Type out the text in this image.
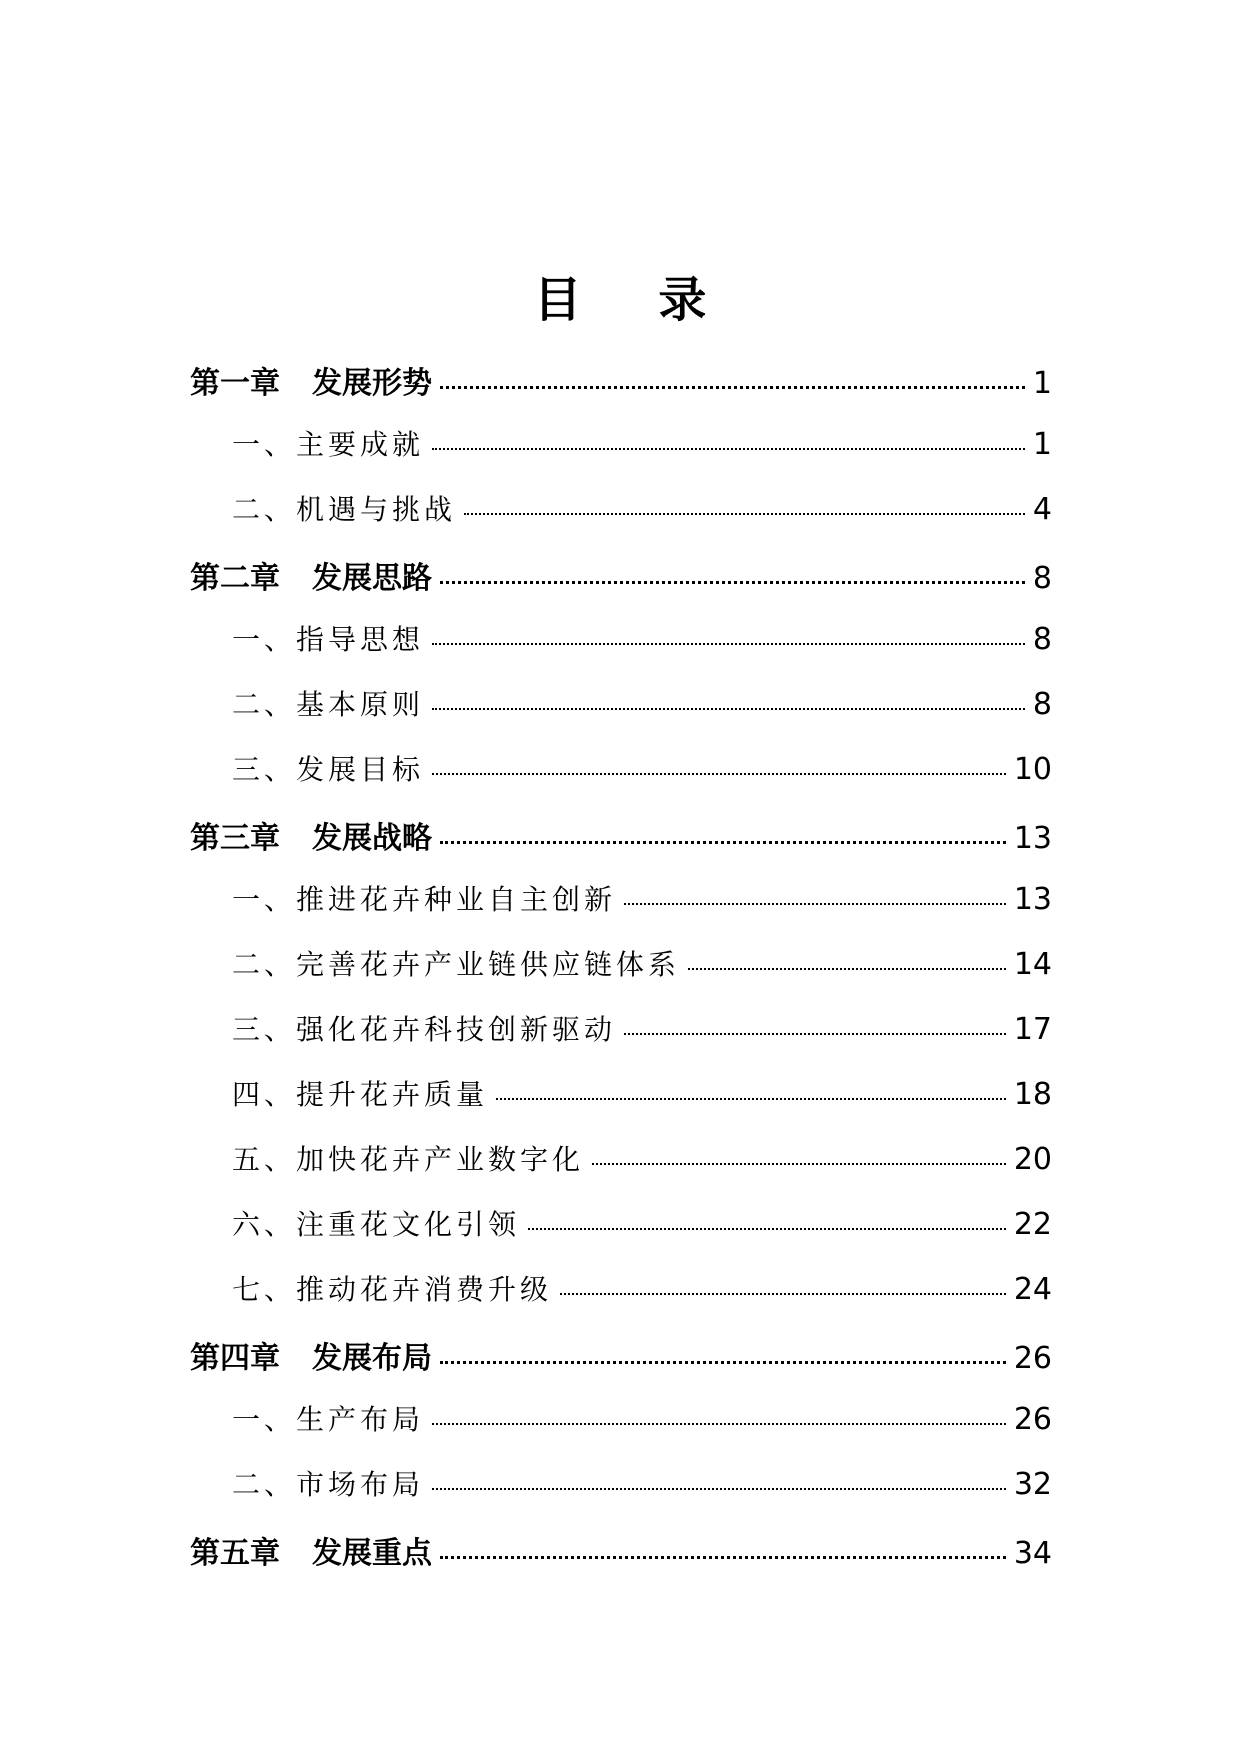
目 录
第一章 发展形势	1
一、 主要成就	1
二、 机遇与挑战	4
第二章 发展思路	8
一、 指导思想	8
二、 基本原则	8
三、 发展目标	10
第三章 发展战略	13
一、 推进花卉种业自主创新	13
二、 完善花卉产业链供应链体系	14
三、 强化花卉科技创新驱动	17
四、 提升花卉质量	18
五、 加快花卉产业数字化	20
六、 注重花文化引领	22
七、 推动花卉消费升级	24
第四章 发展布局	26
一、 生产布局	26
二、 市场布局	32
第五章 发展重点	34
